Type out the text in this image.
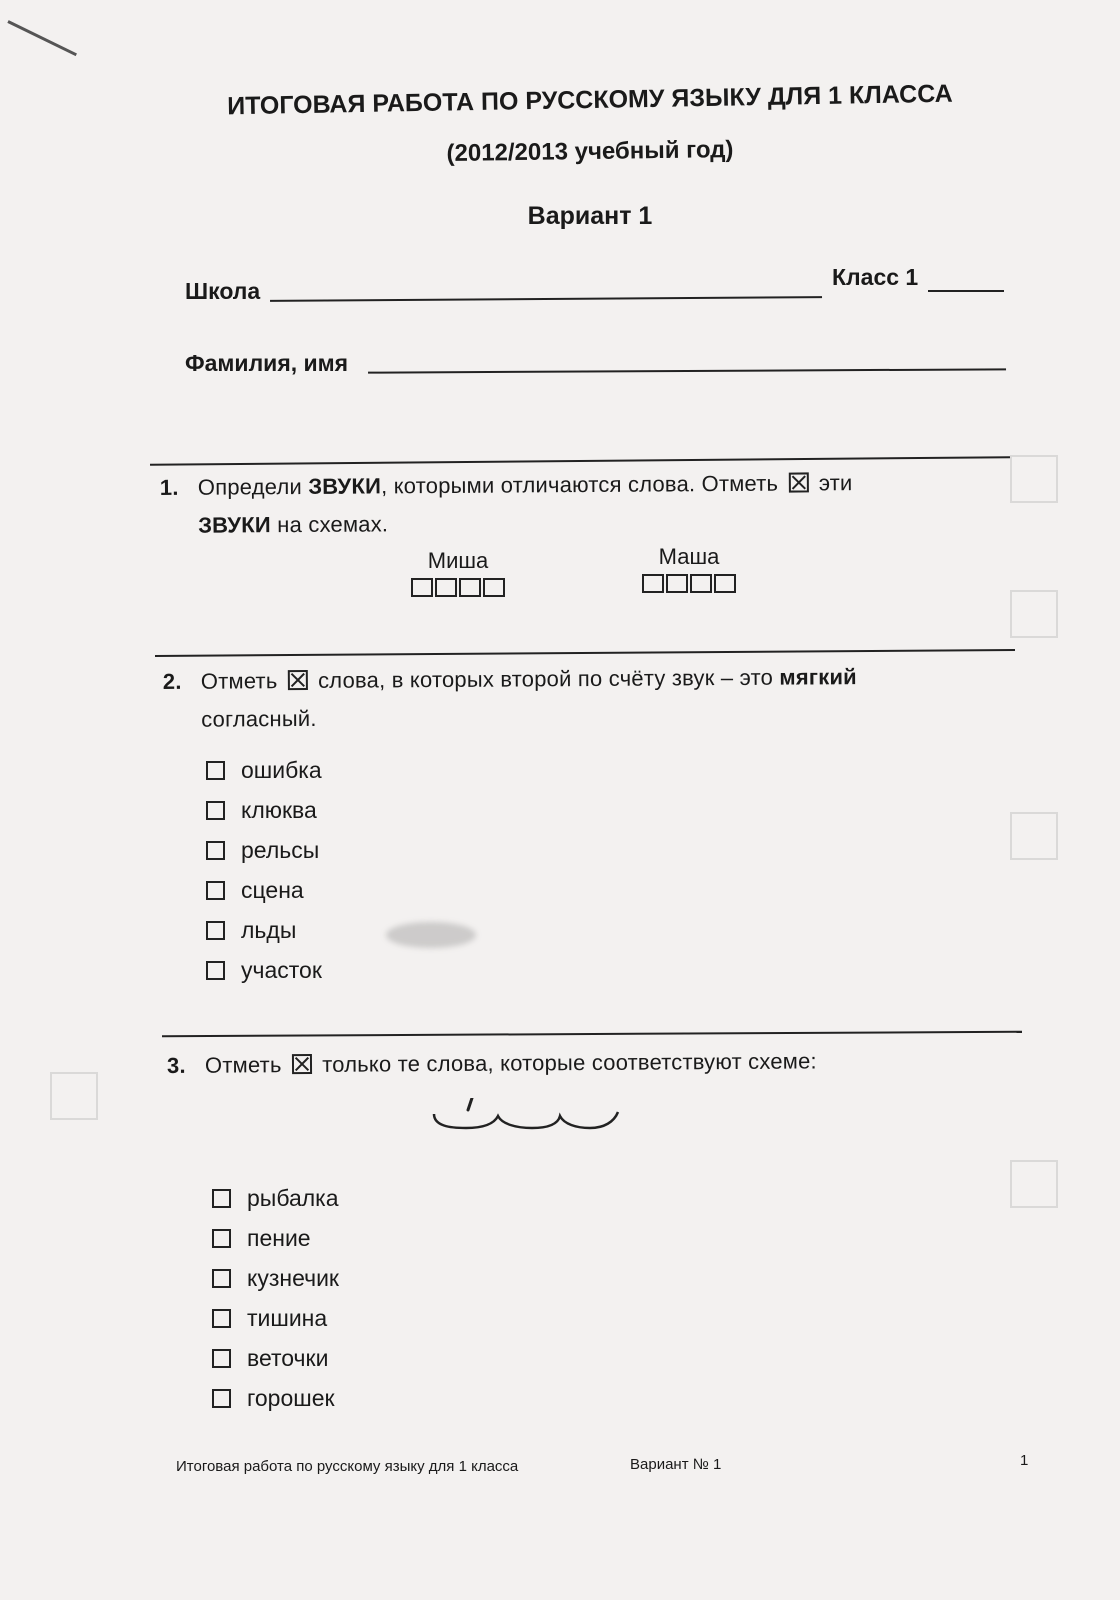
ИТОГОВАЯ РАБОТА ПО РУССКОМУ ЯЗЫКУ ДЛЯ 1 КЛАССА
(2012/2013 учебный год)
Вариант 1
Школа
Класс 1
Фамилия, имя
1. Определи ЗВУКИ, которыми отличаются слова. Отметь эти
ЗВУКИ на схемах.
Миша	Маша
2. Отметь слова, в которых второй по счёту звук – это мягкий
согласный.
ошибка
клюква
рельсы
сцена
льды
участок
3. Отметь только те слова, которые соответствуют схеме:
рыбалка
пение
кузнечик
тишина
веточки
горошек
Итоговая работа по русскому языку для 1 класса	Вариант № 1	1
